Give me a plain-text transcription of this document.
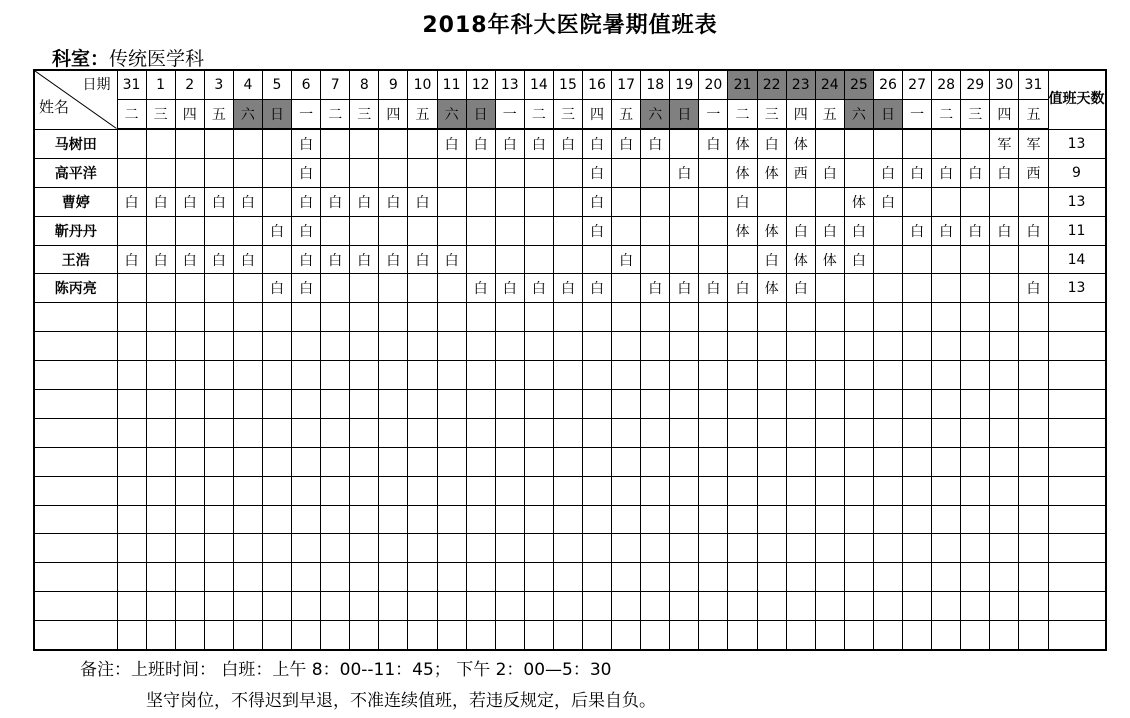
2018年科大医院暑期值班表
科室：传统医学科
日期
姓名	31	1	2	3	4	5	6	7	8	9	10	11	12	13	14	15	16	17	18	19	20	21	22	23	24	25	26	27	28	29	30	31	值班天数
	二	三	四	五	六	日	一	二	三	四	五	六	日	一	二	三	四	五	六	日	一	二	三	四	五	六	日	一	二	三	四	五	
马树田							白					白	白	白	白	白	白	白	白		白	体	白	体							军	军	13
高平洋							白										白			白		体	体	西	白		白	白	白	白	白	西	9
曹婷	白	白	白	白	白		白	白	白	白	白						白					白				体	白						13
靳丹丹						白	白										白					体	体	白	白	白		白	白	白	白	白	11
王浩	白	白	白	白	白		白	白	白	白	白	白						白					白	体	体	白							14
陈丙亮						白	白						白	白	白	白	白		白	白	白	白	体	白								白	13

备注：上班时间： 白班：上午 8：00--11：45； 下午 2：00—5：30
坚守岗位，不得迟到早退，不准连续值班，若违反规定，后果自负。
